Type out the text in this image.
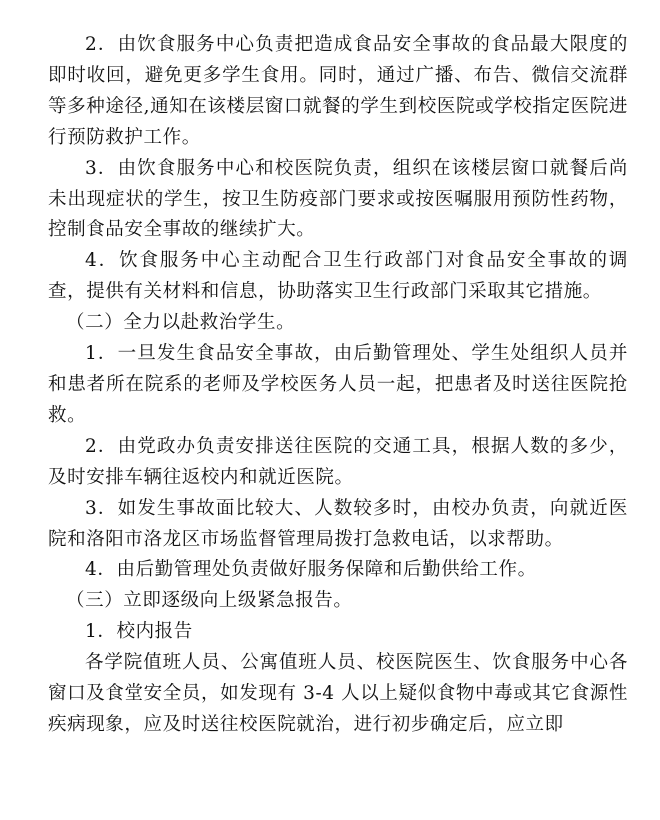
2．由饮食服务中心负责把造成食品安全事故的食品最大限度的即时收回，避免更多学生食用。同时，通过广播、布告、微信交流群等多种途径,通知在该楼层窗口就餐的学生到校医院或学校指定医院进行预防救护工作。

3．由饮食服务中心和校医院负责，组织在该楼层窗口就餐后尚未出现症状的学生，按卫生防疫部门要求或按医嘱服用预防性药物，控制食品安全事故的继续扩大。

4．饮食服务中心主动配合卫生行政部门对食品安全事故的调查，提供有关材料和信息，协助落实卫生行政部门采取其它措施。

（二）全力以赴救治学生。

1．一旦发生食品安全事故，由后勤管理处、学生处组织人员并和患者所在院系的老师及学校医务人员一起，把患者及时送往医院抢救。

2．由党政办负责安排送往医院的交通工具，根据人数的多少，及时安排车辆往返校内和就近医院。

3．如发生事故面比较大、人数较多时，由校办负责，向就近医院和洛阳市洛龙区市场监督管理局拨打急救电话，以求帮助。

4．由后勤管理处负责做好服务保障和后勤供给工作。

（三）立即逐级向上级紧急报告。

1．校内报告

各学院值班人员、公寓值班人员、校医院医生、饮食服务中心各窗口及食堂安全员，如发现有 3-4 人以上疑似食物中毒或其它食源性疾病现象，应及时送往校医院就治，进行初步确定后，应立即
